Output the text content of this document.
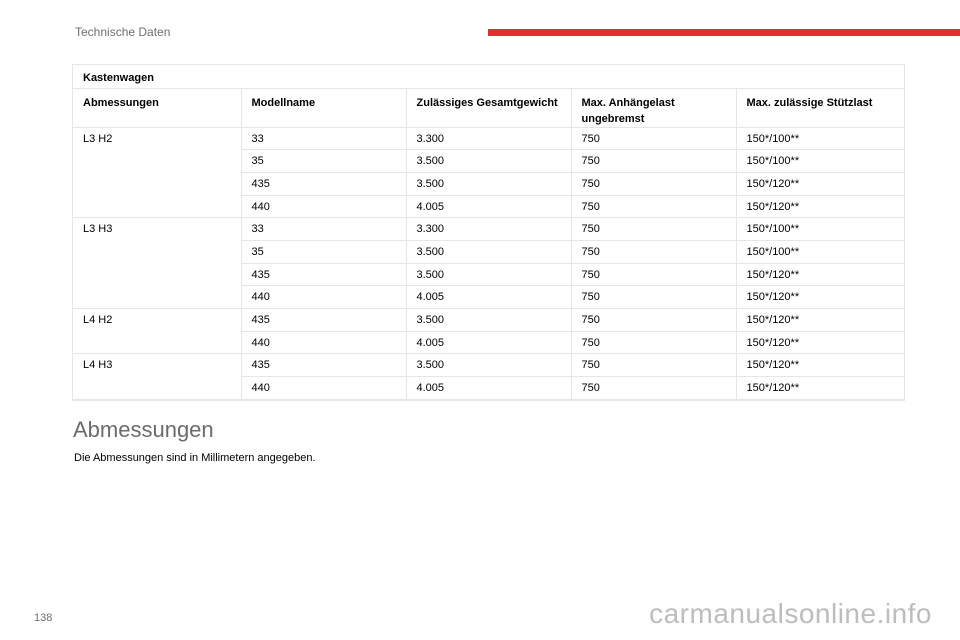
Technische Daten
Kastenwagen				
Abmessungen	Modellname	Zulässiges Gesamtgewicht	Max. Anhängelast ungebremst	Max. zulässige Stützlast
L3 H2	33	3.300	750	150*/100**
	35	3.500	750	150*/100**
	435	3.500	750	150*/120**
	440	4.005	750	150*/120**
L3 H3	33	3.300	750	150*/100**
	35	3.500	750	150*/100**
	435	3.500	750	150*/120**
	440	4.005	750	150*/120**
L4 H2	435	3.500	750	150*/120**
	440	4.005	750	150*/120**
L4 H3	435	3.500	750	150*/120**
	440	4.005	750	150*/120**
Abmessungen
Die Abmessungen sind in Millimetern angegeben.
138	carmanualsonline.info
